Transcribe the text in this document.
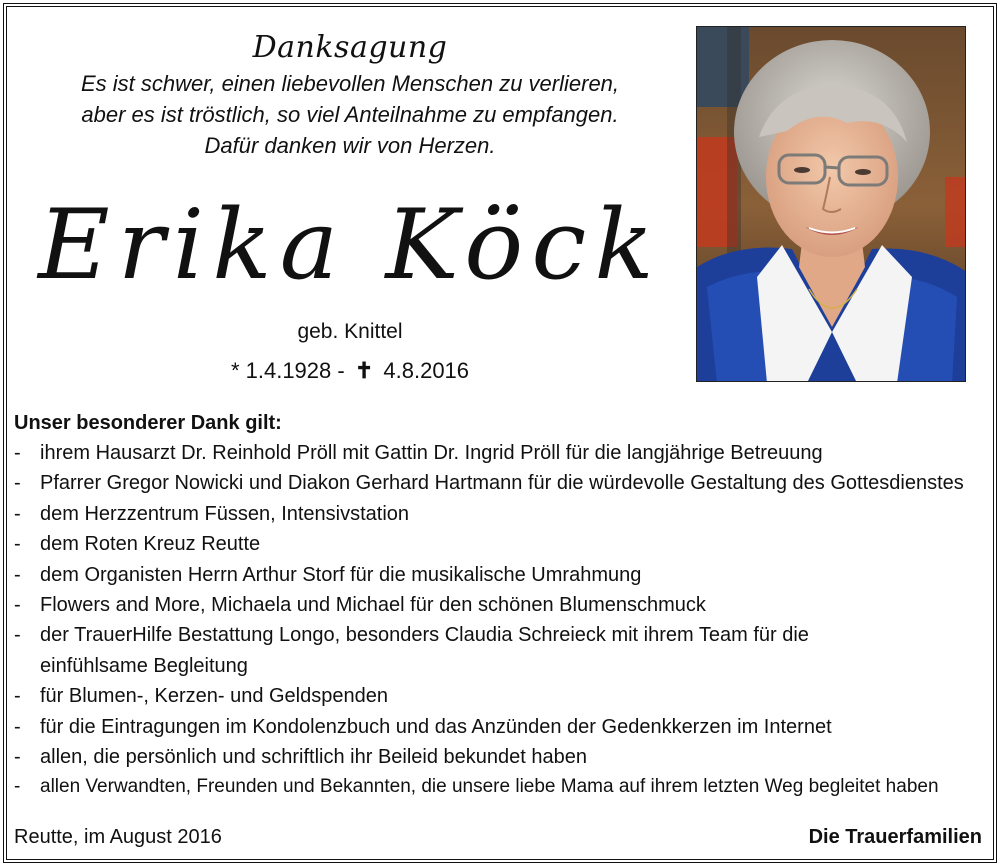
Danksagung
Es ist schwer, einen liebevollen Menschen zu verlieren,
aber es ist tröstlich, so viel Anteilnahme zu empfangen.
Dafür danken wir von Herzen.
Erika Köck
geb. Knittel
* 1.4.1928 - ✝ 4.8.2016
Unser besonderer Dank gilt:
- ihrem Hausarzt Dr. Reinhold Pröll mit Gattin Dr. Ingrid Pröll für die langjährige Betreuung
- Pfarrer Gregor Nowicki und Diakon Gerhard Hartmann für die würdevolle Gestaltung des Gottesdienstes
- dem Herzzentrum Füssen, Intensivstation
- dem Roten Kreuz Reutte
- dem Organisten Herrn Arthur Storf für die musikalische Umrahmung
- Flowers and More, Michaela und Michael für den schönen Blumenschmuck
- der TrauerHilfe Bestattung Longo, besonders Claudia Schreieck mit ihrem Team für die einfühlsame Begleitung
- für Blumen-, Kerzen- und Geldspenden
- für die Eintragungen im Kondolenzbuch und das Anzünden der Gedenkkerzen im Internet
- allen, die persönlich und schriftlich ihr Beileid bekundet haben
- allen Verwandten, Freunden und Bekannten, die unsere liebe Mama auf ihrem letzten Weg begleitet haben
Reutte, im August 2016	Die Trauerfamilien
